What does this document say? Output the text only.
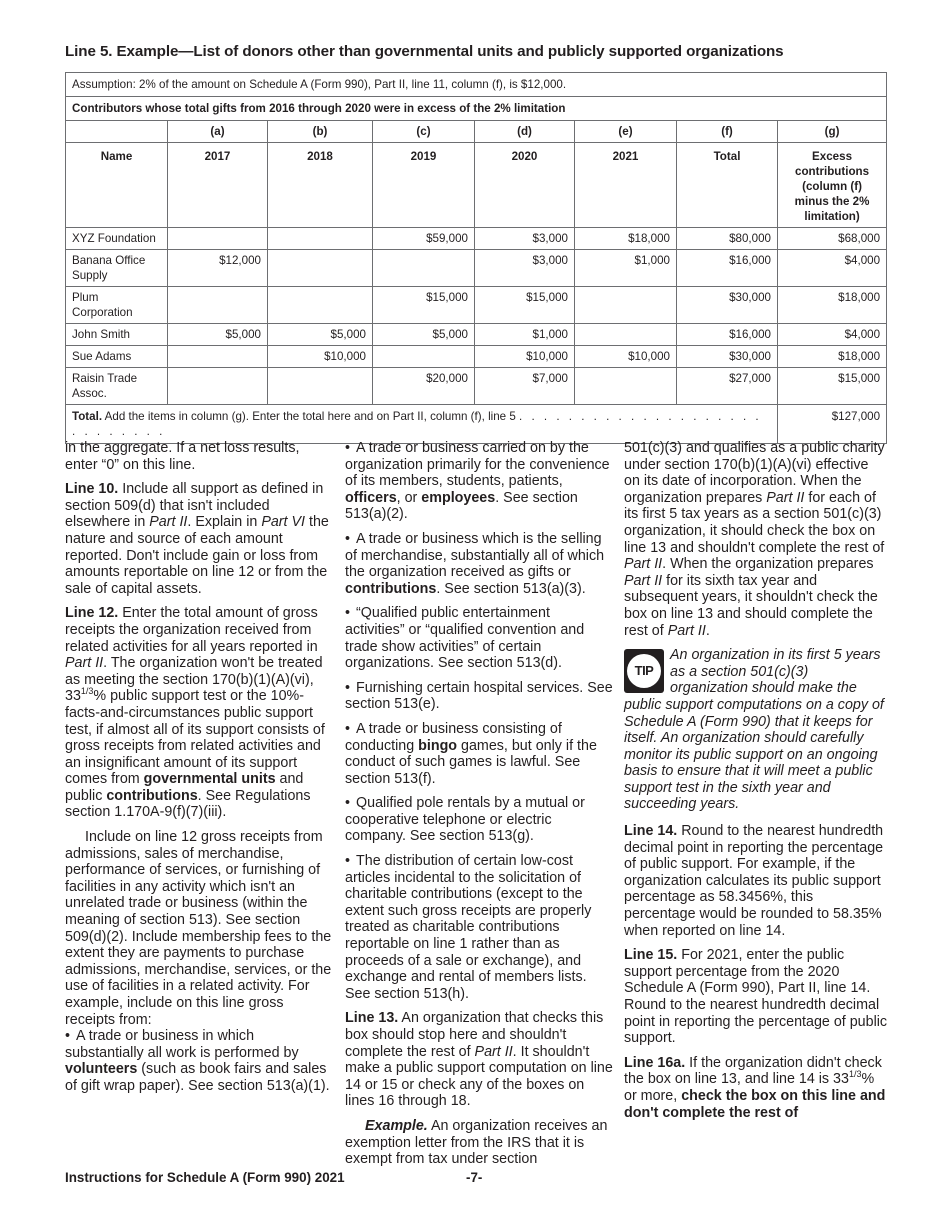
Line 5. Example—List of donors other than governmental units and publicly supported organizations
Assumption: 2% of the amount on Schedule A (Form 990), Part II, line 11, column (f), is $12,000.							
Contributors whose total gifts from 2016 through 2020 were in excess of the 2% limitation							
	(a)	(b)	(c)	(d)	(e)	(f)	(g)
Name	2017	2018	2019	2020	2021	Total	Excess contributions (column (f) minus the 2% limitation)
XYZ Foundation			$59,000	$3,000	$18,000	$80,000	$68,000
Banana Office Supply	$12,000			$3,000	$1,000	$16,000	$4,000
Plum Corporation			$15,000	$15,000		$30,000	$18,000
John Smith	$5,000	$5,000	$5,000	$1,000		$16,000	$4,000
Sue Adams		$10,000		$10,000	$10,000	$30,000	$18,000
Raisin Trade Assoc.			$20,000	$7,000		$27,000	$15,000
Total. Add the items in column (g). Enter the total here and on Part II, column (f), line 5 . . . . . . . . . . . . . . . . . . . . . . . . . . . .							$127,000

in the aggregate. If a net loss results, enter “0” on this line.

Line 10. Include all support as defined in section 509(d) that isn't included elsewhere in Part II. Explain in Part VI the nature and source of each amount reported. Don't include gain or loss from amounts reportable on line 12 or from the sale of capital assets.

Line 12. Enter the total amount of gross receipts the organization received from related activities for all years reported in Part II. The organization won't be treated as meeting the section 170(b)(1)(A)(vi), $33^{1/3}\%$ public support test or the 10%-facts-and-circumstances public support test, if almost all of its support consists of gross receipts from related activities and an insignificant amount of its support comes from governmental units and public contributions. See Regulations section 1.170A-9(f)(7)(iii).

Include on line 12 gross receipts from admissions, sales of merchandise, performance of services, or furnishing of facilities in any activity which isn't an unrelated trade or business (within the meaning of section 513). See section 509(d)(2). Include membership fees to the extent they are payments to purchase admissions, merchandise, services, or the use of facilities in a related activity. For example, include on this line gross receipts from:

• A trade or business in which substantially all work is performed by volunteers (such as book fairs and sales of gift wrap paper). See section 513(a)(1).

• A trade or business carried on by the organization primarily for the convenience of its members, students, patients, officers, or employees. See section 513(a)(2).

• A trade or business which is the selling of merchandise, substantially all of which the organization received as gifts or contributions. See section 513(a)(3).

• “Qualified public entertainment activities” or “qualified convention and trade show activities” of certain organizations. See section 513(d).

• Furnishing certain hospital services. See section 513(e).

• A trade or business consisting of conducting bingo games, but only if the conduct of such games is lawful. See section 513(f).

• Qualified pole rentals by a mutual or cooperative telephone or electric company. See section 513(g).

• The distribution of certain low-cost articles incidental to the solicitation of charitable contributions (except to the extent such gross receipts are properly treated as charitable contributions reportable on line 1 rather than as proceeds of a sale or exchange), and exchange and rental of members lists. See section 513(h).

Line 13. An organization that checks this box should stop here and shouldn't complete the rest of Part II. It shouldn't make a public support computation on line 14 or 15 or check any of the boxes on lines 16 through 18.

Example. An organization receives an exemption letter from the IRS that it is exempt from tax under section

501(c)(3) and qualifies as a public charity under section 170(b)(1)(A)(vi) effective on its date of incorporation. When the organization prepares Part II for each of its first 5 tax years as a section 501(c)(3) organization, it should check the box on line 13 and shouldn't complete the rest of Part II. When the organization prepares Part II for its sixth tax year and subsequent years, it shouldn't check the box on line 13 and should complete the rest of Part II.

TIP
An organization in its first 5 years as a section 501(c)(3) organization should make the public support computations on a copy of Schedule A (Form 990) that it keeps for itself. An organization should carefully monitor its public support on an ongoing basis to ensure that it will meet a public support test in the sixth year and succeeding years.

Line 14. Round to the nearest hundredth decimal point in reporting the percentage of public support. For example, if the organization calculates its public support percentage as 58.3456%, this percentage would be rounded to 58.35% when reported on line 14.

Line 15. For 2021, enter the public support percentage from the 2020 Schedule A (Form 990), Part II, line 14. Round to the nearest hundredth decimal point in reporting the percentage of public support.

Line 16a. If the organization didn't check the box on line 13, and line 14 is $33^{1/3}\%$ or more, check the box on this line and don't complete the rest of

Instructions for Schedule A (Form 990) 2021	-7-
